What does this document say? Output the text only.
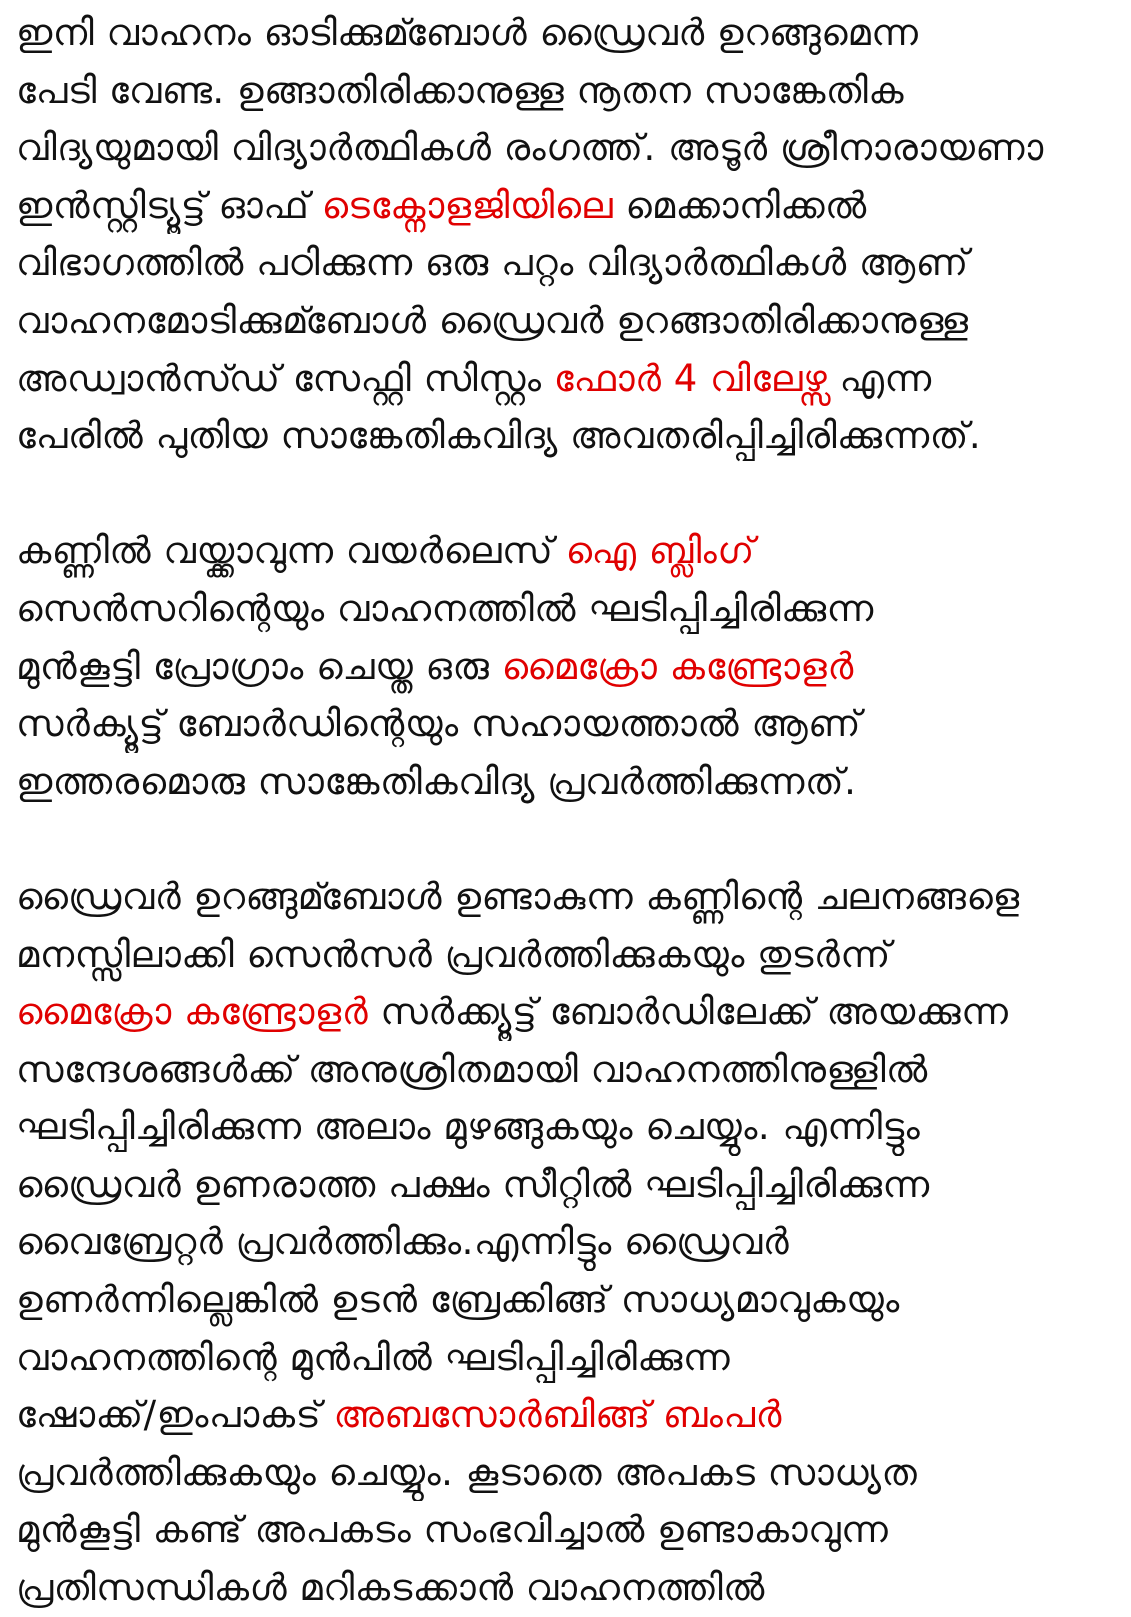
ഇനി വാഹനം ഓടിക്കുമ്ബോൾ ഡ്രൈവർ ഉറങ്ങുമെന്ന
പേടി വേണ്ട. ഉങ്ങാതിരിക്കാനുള്ള നൂതന സാങ്കേതിക
വിദ്യയുമായി വിദ്യാർത്ഥികൾ രംഗത്ത്. അടൂർ ശ്രീനാരായണാ
ഇൻസ്റ്റിട്യൂട്ട് ഓഫ് ടെക്നോളജിയിലെ മെക്കാനിക്കൽ
വിഭാഗത്തിൽ പഠിക്കുന്ന ഒരു പറ്റം വിദ്യാർത്ഥികൾ ആണ്
വാഹനമോടിക്കുമ്ബോൾ ഡ്രൈവർ ഉറങ്ങാതിരിക്കാനുള്ള
അഡ്വാൻസ്ഡ് സേഫ്റ്റി സിസ്റ്റം ഫോർ 4 വിലേഴ്സ എന്ന
പേരിൽ പുതിയ സാങ്കേതികവിദ്യ അവതരിപ്പിച്ചിരിക്കുന്നത്.
കണ്ണിൽ വയ്ക്കാവുന്ന വയർലെസ് ഐ ബ്ലിംഗ്
സെൻസറിന്റെയും വാഹനത്തിൽ ഘടിപ്പിച്ചിരിക്കുന്ന
മുൻകൂട്ടി പ്രോഗ്രാം ചെയ്ത ഒരു മൈക്രോ കണ്ട്രോളർ
സർക്യൂട്ട് ബോർഡിന്റെയും സഹായത്താൽ ആണ്
ഇത്തരമൊരു സാങ്കേതികവിദ്യ പ്രവർത്തിക്കുന്നത്.
ഡ്രൈവർ ഉറങ്ങുമ്ബോൾ ഉണ്ടാകുന്ന കണ്ണിന്റെ ചലനങ്ങളെ
മനസ്സിലാക്കി സെൻസർ പ്രവർത്തിക്കുകയും തുടർന്ന്
മൈക്രോ കണ്ട്രോളർ സർക്ക്യൂട്ട് ബോർഡിലേക്ക് അയക്കുന്ന
സന്ദേശങ്ങൾക്ക് അനുശ്രിതമായി വാഹനത്തിനുള്ളിൽ
ഘടിപ്പിച്ചിരിക്കുന്ന അലാം മുഴങ്ങുകയും ചെയ്യും. എന്നിട്ടും
ഡ്രൈവർ ഉണരാത്ത പക്ഷം സീറ്റിൽ ഘടിപ്പിച്ചിരിക്കുന്ന
വൈബ്രേറ്റർ പ്രവർത്തിക്കും.എന്നിട്ടും ഡ്രൈവർ
ഉണർന്നില്ലെങ്കിൽ ഉടൻ ബ്രേക്കിങ്ങ് സാധ്യമാവുകയും
വാഹനത്തിന്റെ മുൻപിൽ ഘടിപ്പിച്ചിരിക്കുന്ന
ഷോക്ക്/ഇംപാകട് അബസോർബിങ്ങ് ബംപർ
പ്രവർത്തിക്കുകയും ചെയ്യും. കൂടാതെ അപകട സാധ്യത
മുൻകൂട്ടി കണ്ട് അപകടം സംഭവിച്ചാൽ ഉണ്ടാകാവുന്ന
പ്രതിസന്ധികൾ മറികടക്കാൻ വാഹനത്തിൽ
